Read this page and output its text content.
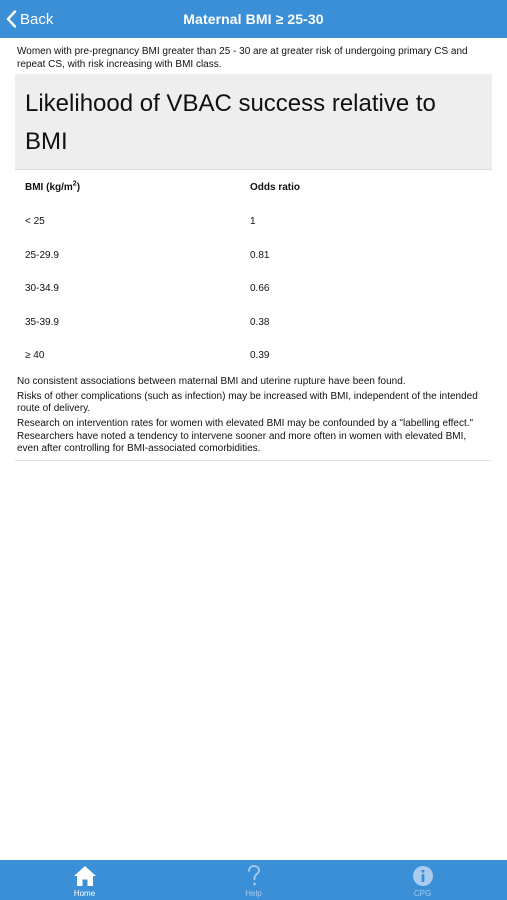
Back	Maternal BMI ≥ 25-30
Women with pre-pregnancy BMI greater than 25 - 30 are at greater risk of undergoing primary CS and repeat CS, with risk increasing with BMI class.
Likelihood of VBAC success relative to BMI
BMI $(kg/m^2)$	Odds ratio
< 25	1
25-29.9	0.81
30-34.9	0.66
35-39.9	0.38
≥ 40	0.39

No consistent associations between maternal BMI and uterine rupture have been found.

Risks of other complications (such as infection) may be increased with BMI, independent of the intended route of delivery.

Research on intervention rates for women with elevated BMI may be confounded by a "labelling effect." Researchers have noted a tendency to intervene sooner and more often in women with elevated BMI, even after controlling for BMI-associated comorbidities.

Home	Help	CPG
